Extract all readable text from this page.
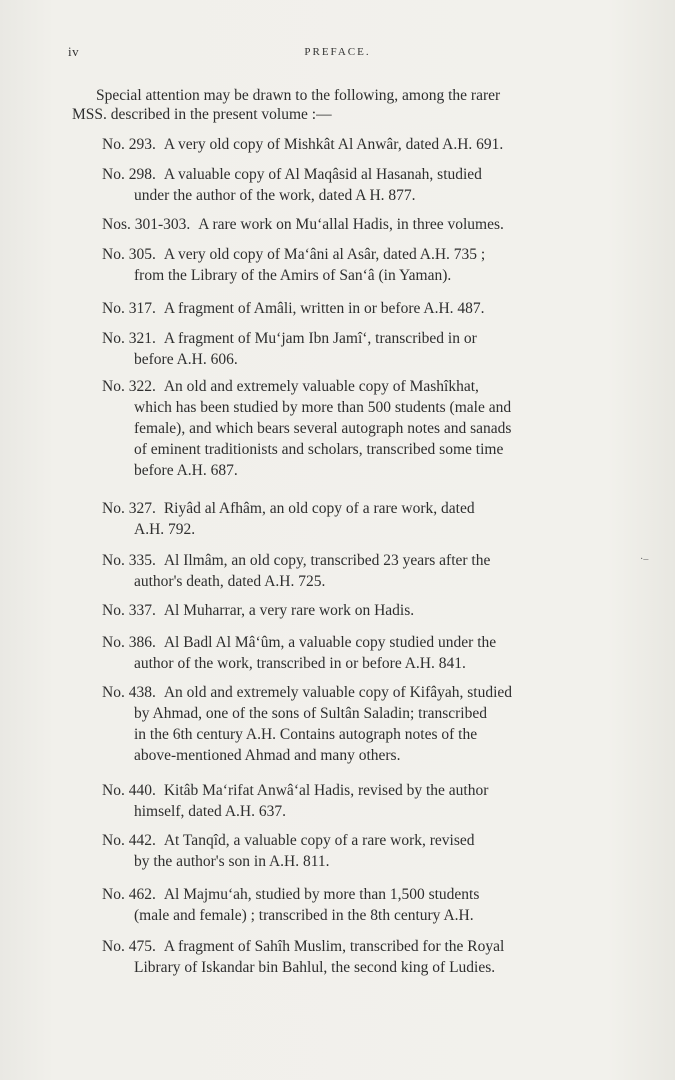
iv	PREFACE.
Special attention may be drawn to the following, among the rarer
MSS. described in the present volume :—
No. 293. A very old copy of Mishkât Al Anwâr, dated A.H. 691.
No. 298. A valuable copy of Al Maqâsid al Hasanah, studied
under the author of the work, dated A H. 877.
Nos. 301-303. A rare work on Mu‘allal Hadis, in three volumes.
No. 305. A very old copy of Ma‘âni al Asâr, dated A.H. 735 ;
from the Library of the Amirs of San‘â (in Yaman).
No. 317. A fragment of Amâli, written in or before A.H. 487.
No. 321. A fragment of Mu‘jam Ibn Jamî‘, transcribed in or
before A.H. 606.
No. 322. An old and extremely valuable copy of Mashîkhat,
which has been studied by more than 500 students (male and
female), and which bears several autograph notes and sanads
of eminent traditionists and scholars, transcribed some time
before A.H. 687.
No. 327. Riyâd al Afhâm, an old copy of a rare work, dated
A.H. 792.
No. 335. Al Ilmâm, an old copy, transcribed 23 years after the
author's death, dated A.H. 725.
No. 337. Al Muharrar, a very rare work on Hadis.
No. 386. Al Badl Al Mâ‘ûm, a valuable copy studied under the
author of the work, transcribed in or before A.H. 841.
No. 438. An old and extremely valuable copy of Kifâyah, studied
by Ahmad, one of the sons of Sultân Saladin; transcribed
in the 6th century A.H. Contains autograph notes of the
above-mentioned Ahmad and many others.
No. 440. Kitâb Ma‘rifat Anwâ‘al Hadis, revised by the author
himself, dated A.H. 637.
No. 442. At Tanqîd, a valuable copy of a rare work, revised
by the author's son in A.H. 811.
No. 462. Al Majmu‘ah, studied by more than 1,500 students
(male and female) ; transcribed in the 8th century A.H.
No. 475. A fragment of Sahîh Muslim, transcribed for the Royal
Library of Iskandar bin Bahlul, the second king of Ludies.
·–
